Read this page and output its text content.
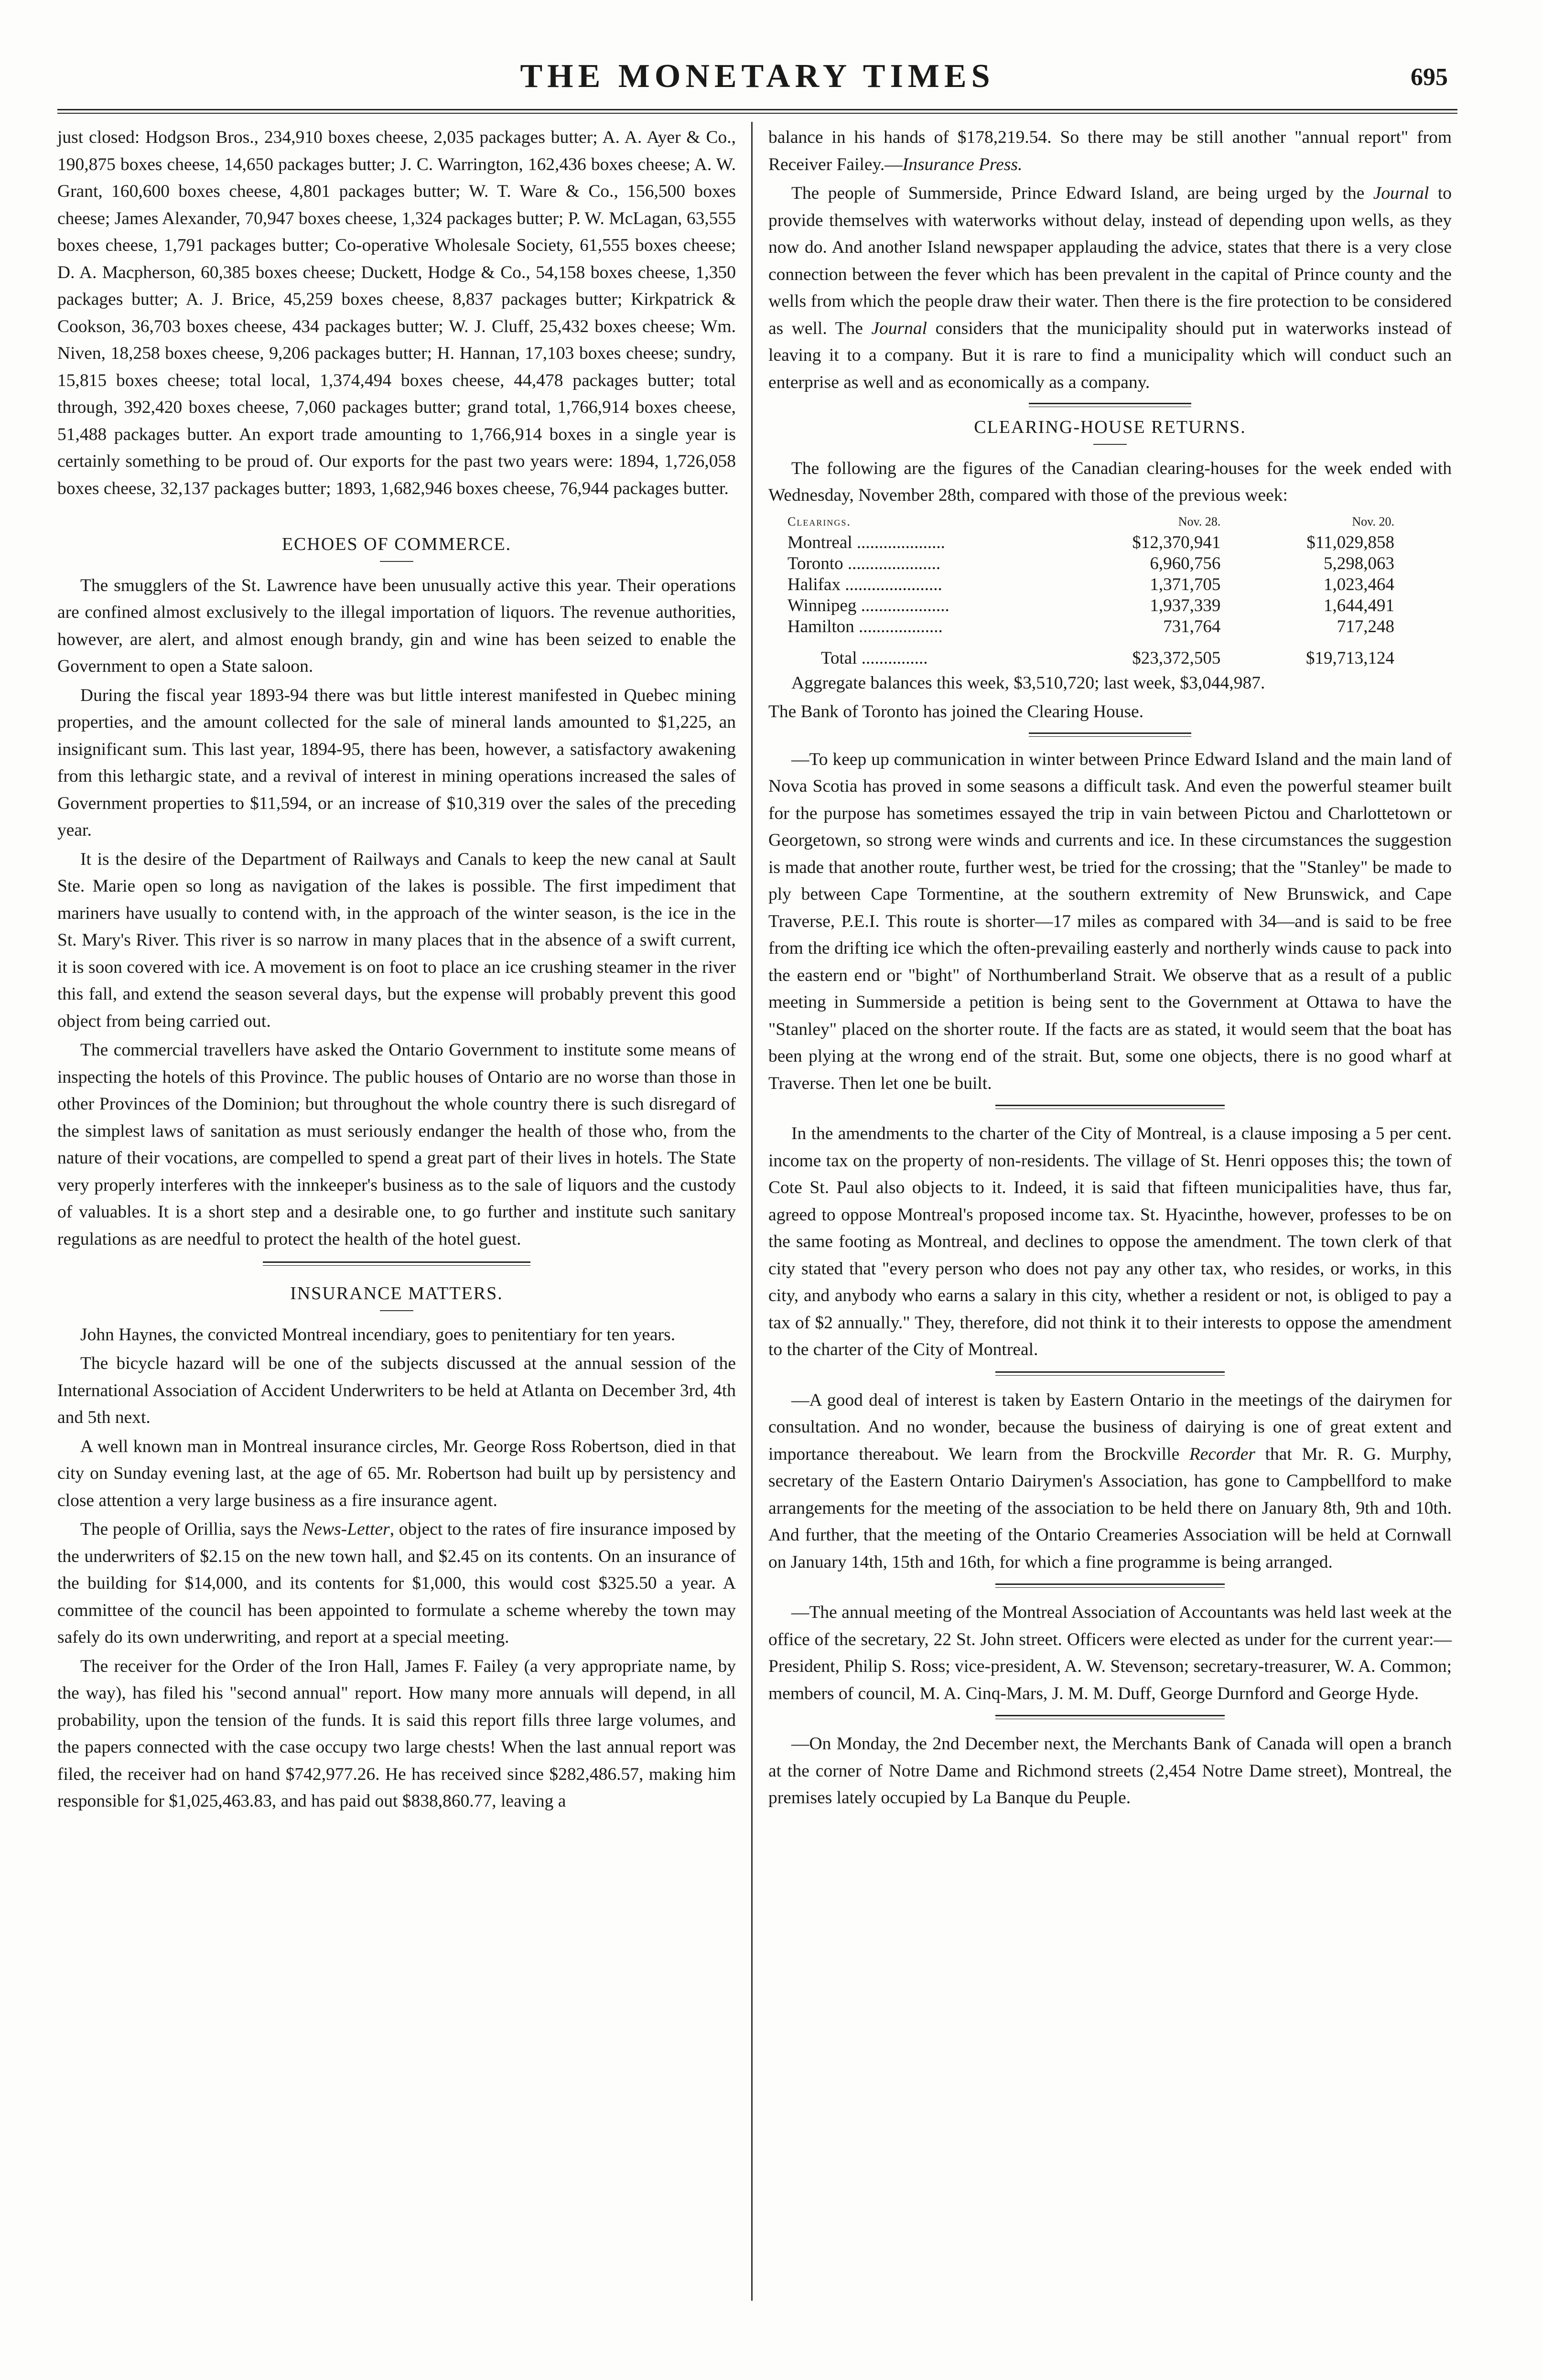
THE MONETARY TIMES	695

just closed: Hodgson Bros., 234,910 boxes cheese, 2,035 packages butter; A. A. Ayer & Co., 190,875 boxes cheese, 14,650 packages butter; J. C. Warrington, 162,436 boxes cheese; A. W. Grant, 160,600 boxes cheese, 4,801 packages butter; W. T. Ware & Co., 156,500 boxes cheese; James Alexander, 70,947 boxes cheese, 1,324 packages butter; P. W. McLagan, 63,555 boxes cheese, 1,791 packages butter; Co-operative Wholesale Society, 61,555 boxes cheese; D. A. Macpherson, 60,385 boxes cheese; Duckett, Hodge & Co., 54,158 boxes cheese, 1,350 packages butter; A. J. Brice, 45,259 boxes cheese, 8,837 packages butter; Kirkpatrick & Cookson, 36,703 boxes cheese, 434 packages butter; W. J. Cluff, 25,432 boxes cheese; Wm. Niven, 18,258 boxes cheese, 9,206 packages butter; H. Hannan, 17,103 boxes cheese; sundry, 15,815 boxes cheese; total local, 1,374,494 boxes cheese, 44,478 packages butter; total through, 392,420 boxes cheese, 7,060 packages butter; grand total, 1,766,914 boxes cheese, 51,488 packages butter. An export trade amounting to 1,766,914 boxes in a single year is certainly something to be proud of. Our exports for the past two years were: 1894, 1,726,058 boxes cheese, 32,137 packages butter; 1893, 1,682,946 boxes cheese, 76,944 packages butter.

ECHOES OF COMMERCE.

The smugglers of the St. Lawrence have been unusually active this year. Their operations are confined almost exclusively to the illegal importation of liquors. The revenue authorities, however, are alert, and almost enough brandy, gin and wine has been seized to enable the Government to open a State saloon.

During the fiscal year 1893-94 there was but little interest manifested in Quebec mining properties, and the amount collected for the sale of mineral lands amounted to $1,225, an insignificant sum. This last year, 1894-95, there has been, however, a satisfactory awakening from this lethargic state, and a revival of interest in mining operations increased the sales of Government properties to $11,594, or an increase of $10,319 over the sales of the preceding year.

It is the desire of the Department of Railways and Canals to keep the new canal at Sault Ste. Marie open so long as navigation of the lakes is possible. The first impediment that mariners have usually to contend with, in the approach of the winter season, is the ice in the St. Mary's River. This river is so narrow in many places that in the absence of a swift current, it is soon covered with ice. A movement is on foot to place an ice crushing steamer in the river this fall, and extend the season several days, but the expense will probably prevent this good object from being carried out.

The commercial travellers have asked the Ontario Government to institute some means of inspecting the hotels of this Province. The public houses of Ontario are no worse than those in other Provinces of the Dominion; but throughout the whole country there is such disregard of the simplest laws of sanitation as must seriously endanger the health of those who, from the nature of their vocations, are compelled to spend a great part of their lives in hotels. The State very properly interferes with the innkeeper's business as to the sale of liquors and the custody of valuables. It is a short step and a desirable one, to go further and institute such sanitary regulations as are needful to protect the health of the hotel guest.

INSURANCE MATTERS.

John Haynes, the convicted Montreal incendiary, goes to penitentiary for ten years.

The bicycle hazard will be one of the subjects discussed at the annual session of the International Association of Accident Underwriters to be held at Atlanta on December 3rd, 4th and 5th next.

A well known man in Montreal insurance circles, Mr. George Ross Robertson, died in that city on Sunday evening last, at the age of 65. Mr. Robertson had built up by persistency and close attention a very large business as a fire insurance agent.

The people of Orillia, says the News-Letter, object to the rates of fire insurance imposed by the underwriters of $2.15 on the new town hall, and $2.45 on its contents. On an insurance of the building for $14,000, and its contents for $1,000, this would cost $325.50 a year. A committee of the council has been appointed to formulate a scheme whereby the town may safely do its own underwriting, and report at a special meeting.

The receiver for the Order of the Iron Hall, James F. Failey (a very appropriate name, by the way), has filed his "second annual" report. How many more annuals will depend, in all probability, upon the tension of the funds. It is said this report fills three large volumes, and the papers connected with the case occupy two large chests! When the last annual report was filed, the receiver had on hand $742,977.26. He has received since $282,486.57, making him responsible for $1,025,463.83, and has paid out $838,860.77, leaving a

balance in his hands of $178,219.54. So there may be still another "annual report" from Receiver Failey.—Insurance Press.

The people of Summerside, Prince Edward Island, are being urged by the Journal to provide themselves with waterworks without delay, instead of depending upon wells, as they now do. And another Island newspaper applauding the advice, states that there is a very close connection between the fever which has been prevalent in the capital of Prince county and the wells from which the people draw their water. Then there is the fire protection to be considered as well. The Journal considers that the municipality should put in waterworks instead of leaving it to a company. But it is rare to find a municipality which will conduct such an enterprise as well and as economically as a company.

CLEARING-HOUSE RETURNS.

The following are the figures of the Canadian clearing-houses for the week ended with Wednesday, November 28th, compared with those of the previous week:

Clearings.	Nov. 28.	Nov. 20.
Montreal ....................	$12,370,941	$11,029,858
Toronto .....................	6,960,756	5,298,063
Halifax ......................	1,371,705	1,023,464
Winnipeg ....................	1,937,339	1,644,491
Hamilton ...................	731,764	717,248
Total ...............	$23,372,505	$19,713,124

Aggregate balances this week, $3,510,720; last week, $3,044,987.

The Bank of Toronto has joined the Clearing House.

—To keep up communication in winter between Prince Edward Island and the main land of Nova Scotia has proved in some seasons a difficult task. And even the powerful steamer built for the purpose has sometimes essayed the trip in vain between Pictou and Charlottetown or Georgetown, so strong were winds and currents and ice. In these circumstances the suggestion is made that another route, further west, be tried for the crossing; that the "Stanley" be made to ply between Cape Tormentine, at the southern extremity of New Brunswick, and Cape Traverse, P.E.I. This route is shorter—17 miles as compared with 34—and is said to be free from the drifting ice which the often-prevailing easterly and northerly winds cause to pack into the eastern end or "bight" of Northumberland Strait. We observe that as a result of a public meeting in Summerside a petition is being sent to the Government at Ottawa to have the "Stanley" placed on the shorter route. If the facts are as stated, it would seem that the boat has been plying at the wrong end of the strait. But, some one objects, there is no good wharf at Traverse. Then let one be built.

In the amendments to the charter of the City of Montreal, is a clause imposing a 5 per cent. income tax on the property of non-residents. The village of St. Henri opposes this; the town of Cote St. Paul also objects to it. Indeed, it is said that fifteen municipalities have, thus far, agreed to oppose Montreal's proposed income tax. St. Hyacinthe, however, professes to be on the same footing as Montreal, and declines to oppose the amendment. The town clerk of that city stated that "every person who does not pay any other tax, who resides, or works, in this city, and anybody who earns a salary in this city, whether a resident or not, is obliged to pay a tax of $2 annually." They, therefore, did not think it to their interests to oppose the amendment to the charter of the City of Montreal.

—A good deal of interest is taken by Eastern Ontario in the meetings of the dairymen for consultation. And no wonder, because the business of dairying is one of great extent and importance thereabout. We learn from the Brockville Recorder that Mr. R. G. Murphy, secretary of the Eastern Ontario Dairymen's Association, has gone to Campbellford to make arrangements for the meeting of the association to be held there on January 8th, 9th and 10th. And further, that the meeting of the Ontario Creameries Association will be held at Cornwall on January 14th, 15th and 16th, for which a fine programme is being arranged.

—The annual meeting of the Montreal Association of Accountants was held last week at the office of the secretary, 22 St. John street. Officers were elected as under for the current year:—President, Philip S. Ross; vice-president, A. W. Stevenson; secretary-treasurer, W. A. Common; members of council, M. A. Cinq-Mars, J. M. M. Duff, George Durnford and George Hyde.

—On Monday, the 2nd December next, the Merchants Bank of Canada will open a branch at the corner of Notre Dame and Richmond streets (2,454 Notre Dame street), Montreal, the premises lately occupied by La Banque du Peuple.
